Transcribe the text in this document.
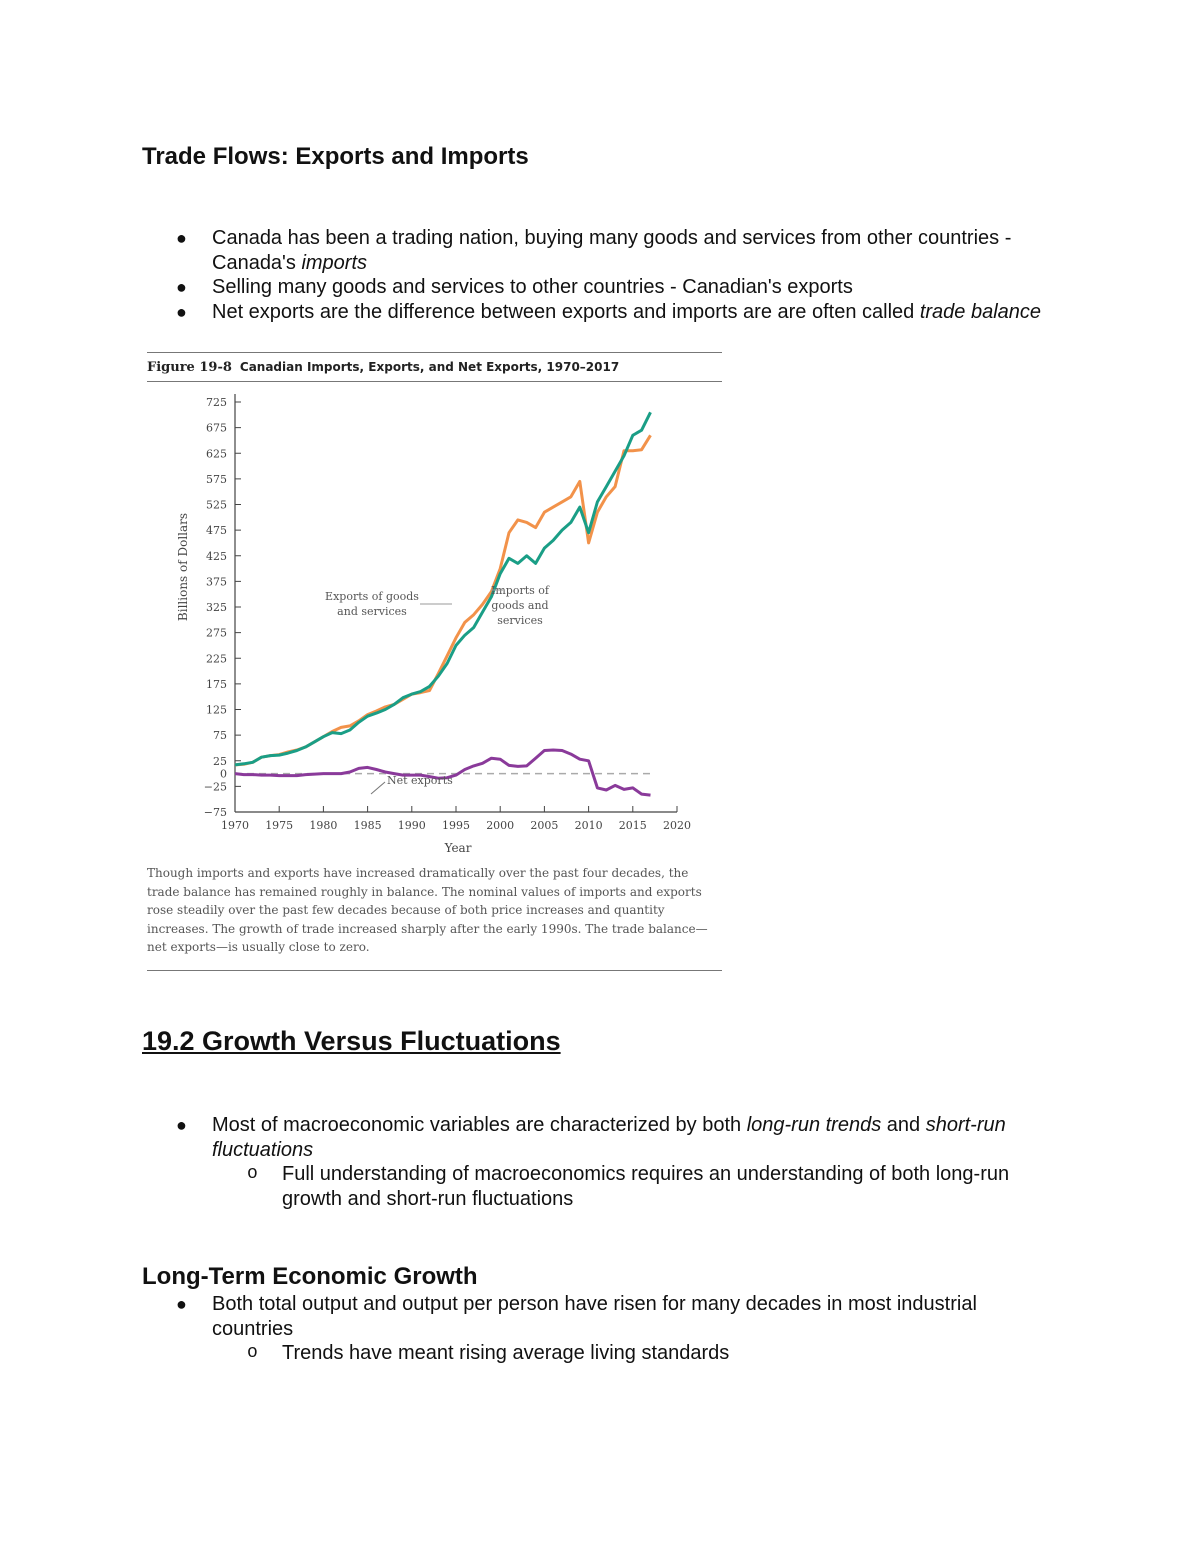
Trade Flows: Exports and Imports
● Canada has been a trading nation, buying many goods and services from other countries - Canada's imports
● Selling many goods and services to other countries - Canadian's exports
● Net exports are the difference between exports and imports are are often called trade balance
Figure 19-8 Canadian Imports, Exports, and Net Exports, 1970–2017
−75
−25
0
25
75
125
175
225
275
325
375
425
475
525
575
625
675
725
1970 1975 1980 1985 1990 1995 2000 2005 2010 2015 2020
Year
Billions of Dollars	Exports of goods and services
Imports of goods and services
Net exports
Though imports and exports have increased dramatically over the past four decades, the trade balance has remained roughly in balance. The nominal values of imports and exports rose steadily over the past few decades because of both price increases and quantity increases. The growth of trade increased sharply after the early 1990s. The trade balance—net exports—is usually close to zero.
19.2 Growth Versus Fluctuations
● Most of macroeconomic variables are characterized by both long-run trends and short-run fluctuations
o Full understanding of macroeconomics requires an understanding of both long-run growth and short-run fluctuations
Long-Term Economic Growth
● Both total output and output per person have risen for many decades in most industrial countries
o Trends have meant rising average living standards
